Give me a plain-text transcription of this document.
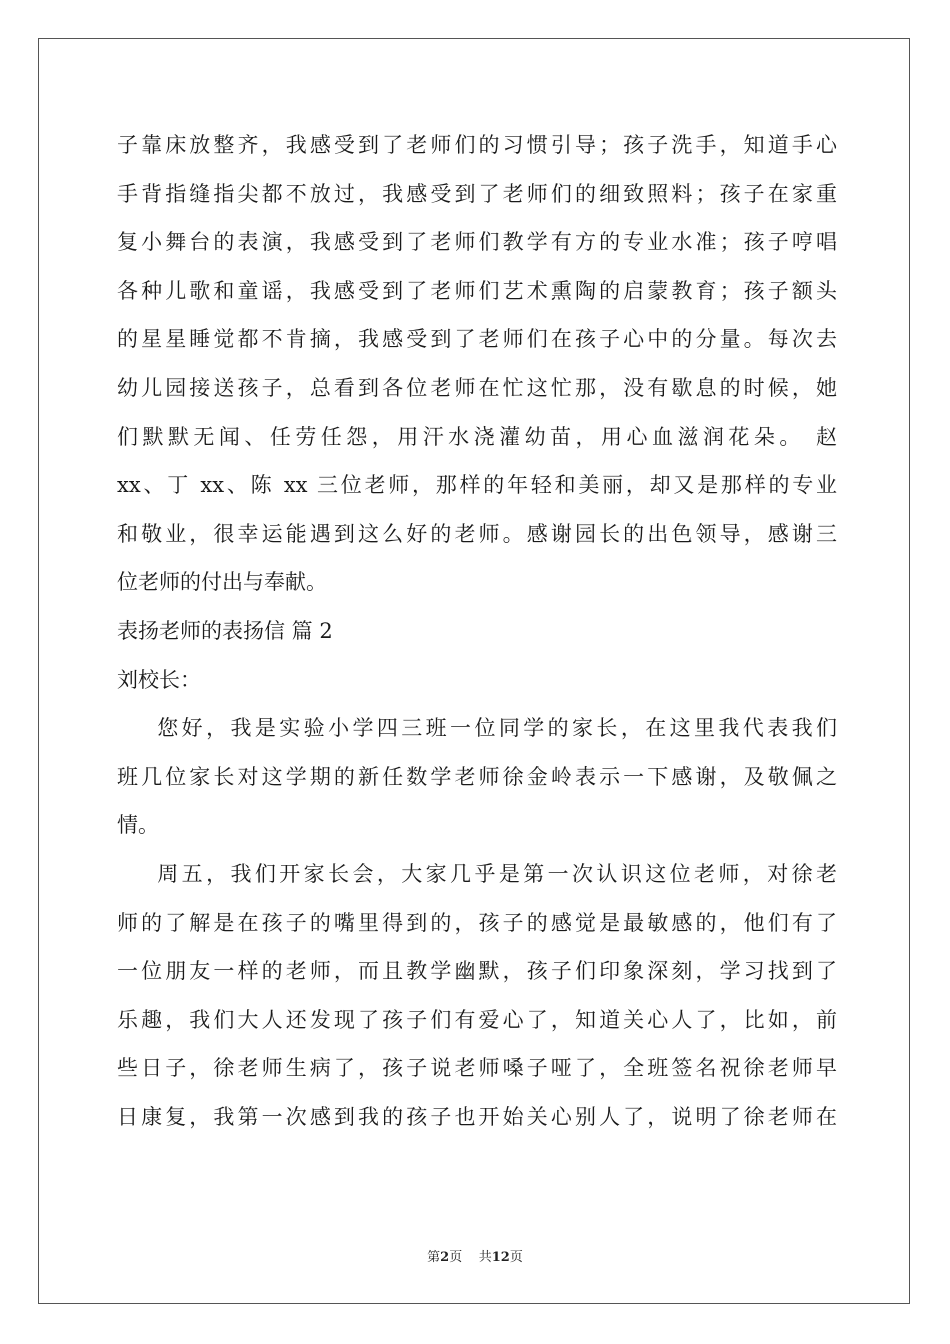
子靠床放整齐，我感受到了老师们的习惯引导；孩子洗手，知道手心
手背指缝指尖都不放过，我感受到了老师们的细致照料；孩子在家重
复小舞台的表演，我感受到了老师们教学有方的专业水准；孩子哼唱
各种儿歌和童谣，我感受到了老师们艺术熏陶的启蒙教育；孩子额头
的星星睡觉都不肯摘，我感受到了老师们在孩子心中的分量。每次去
幼儿园接送孩子，总看到各位老师在忙这忙那，没有歇息的时候，她
们默默无闻、任劳任怨，用汗水浇灌幼苗，用心血滋润花朵。 赵
xx、丁 xx、陈 xx 三位老师，那样的年轻和美丽，却又是那样的专业
和敬业，很幸运能遇到这么好的老师。感谢园长的出色领导，感谢三
位老师的付出与奉献。
表扬老师的表扬信 篇 2
刘校长：
您好，我是实验小学四三班一位同学的家长，在这里我代表我们
班几位家长对这学期的新任数学老师徐金岭表示一下感谢，及敬佩之
情。
周五，我们开家长会，大家几乎是第一次认识这位老师，对徐老
师的了解是在孩子的嘴里得到的，孩子的感觉是最敏感的，他们有了
一位朋友一样的老师，而且教学幽默，孩子们印象深刻，学习找到了
乐趣，我们大人还发现了孩子们有爱心了，知道关心人了，比如，前
些日子，徐老师生病了，孩子说老师嗓子哑了，全班签名祝徐老师早
日康复，我第一次感到我的孩子也开始关心别人了，说明了徐老师在
第2页    共12页
